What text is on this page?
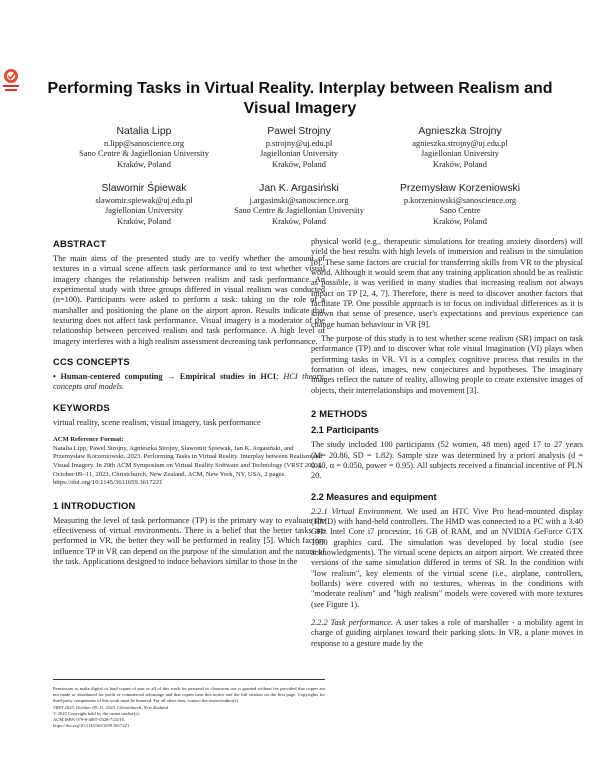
Performing Tasks in Virtual Reality. Interplay between Realism and Visual Imagery
Natalia Lipp
n.lipp@sanoscience.org
Sano Centre & Jagiellonian University
Kraków, Poland
Pawel Strojny
p.strojny@uj.edu.pl
Jagiellonian University
Kraków, Poland
Agnieszka Strojny
agnieszka.strojny@uj.edu.pl
Jagiellonian University
Kraków, Poland
Slawomir Śpiewak
slawomir.spiewak@uj.edu.pl
Jagiellonian University
Kraków, Poland
Jan K. Argasiński
j.argasinski@sanoscience.org
Sano Centre & Jagiellonian University
Kraków, Poland
Przemysław Korzeniowski
p.korzeniowski@sanoscience.org
Sano Centre
Kraków, Poland
ABSTRACT

The main aims of the presented study are to verify whether the amount of textures in a virtual scene affects task performance and to test whether visual imagery changes the relationship between realism and task performance. An experimental study with three groups differed in visual realism was conducted (n=100). Participants were asked to perform a task: taking on the role of a marshaller and positioning the plane on the airport apron. Results indicate that texturing does not affect task performance. Visual imagery is a moderator of the relationship between perceived realism and task performance. A high level of imagery interferes with a high realism assessment decreasing task performance.

CCS CONCEPTS

• Human-centered computing → Empirical studies in HCI; HCI theory, concepts and models.

KEYWORDS

virtual reality, scene realism, visual imagery, task performance

ACM Reference Format:
Natalia Lipp, Pawel Strojny, Agnieszka Strojny, Slawomir Śpiewak, Jan K. Argasiński, and Przemysław Korzeniowski. 2023. Performing Tasks in Virtual Reality. Interplay between Realism and Visual Imagery. In 29th ACM Symposium on Virtual Reality Software and Technology (VRST 2023), October 09–11, 2023, Christchurch, New Zealand. ACM, New York, NY, USA, 2 pages. https://doi.org/10.1145/3611659.3617221
1 INTRODUCTION

Measuring the level of task performance (TP) is the primary way to evaluate the effectiveness of virtual environments. There is a belief that the better tasks are performed in VR, the better they will be performed in reality [5]. Which factors influence TP in VR can depend on the purpose of the simulation and the nature of the task. Applications designed to induce behaviors similar to those in the

Permission to make digital or hard copies of part or all of this work for personal or classroom use is granted without fee provided that copies are not made or distributed for profit or commercial advantage and that copies bear this notice and the full citation on the first page. Copyrights for third-party components of this work must be honored. For all other uses, contact the owner/author(s).
VRST 2023, October 09–11, 2023, Christchurch, New Zealand
© 2023 Copyright held by the owner/author(s).
ACM ISBN 979-8-4007-0328-7/23/10.
https://doi.org/10.1145/3611659.3617221

physical world (e.g., therapeutic simulations for treating anxiety disorders) will yield the best results with high levels of immersion and realism in the simulation [8]. These same factors are crucial for transferring skills from VR to the physical world. Although it would seem that any training application should be as realistic as possible, it was verified in many studies that increasing realism not always impact on TP [2, 4, 7]. Therefore, there is need to discover another factors that facilitate TP. One possible approach is to focus on individual differences as it is known that sense of presence, user's expectations and previous experience can change human behaviour in VR [9].

The purpose of this study is to test whether scene realism (SR) impact on task performance (TP) and to discover what role visual imagination (VI) plays when performing tasks in VR. VI is a complex cognitive process that results in the formation of ideas, images, new conjectures and hypotheses. The imaginary images reflect the nature of reality, allowing people to create extensive images of objects, their interrelationships and movement [3].

2 METHODS
2.1 Participants

The study included 100 participants (52 women, 48 men) aged 17 to 27 years (M= 20.86, SD = 1.82). Sample size was determined by a priori analysis (d = 0.40, α = 0.050, power = 0.95). All subjects received a financial incentive of PLN 20.

2.2 Measures and equipment

2.2.1 Virtual Environment. We used an HTC Vive Pro head-mounted display (HMD) with hand-held controllers. The HMD was connected to a PC with a 3.40 GHz Intel Core i7 processor, 16 GB of RAM, and an NVIDIA GeForce GTX 1080 graphics card. The simulation was developed by local studio (see acknowledgments). The virtual scene depicts an airport airport. We created three versions of the same simulation differed in terms of SR. In the condition with "low realism", key elements of the virtual scene (i.e., airplane, controllers, bollards) were covered with no textures, whereas in the conditions with "moderate realism" and "high realism" models were covered with more textures (see Figure 1).

2.2.2 Task performance. A user takes a role of marshaller - a mobility agent in charge of guiding airplanes toward their parking slots. In VR, a plane moves in response to a gesture made by the
